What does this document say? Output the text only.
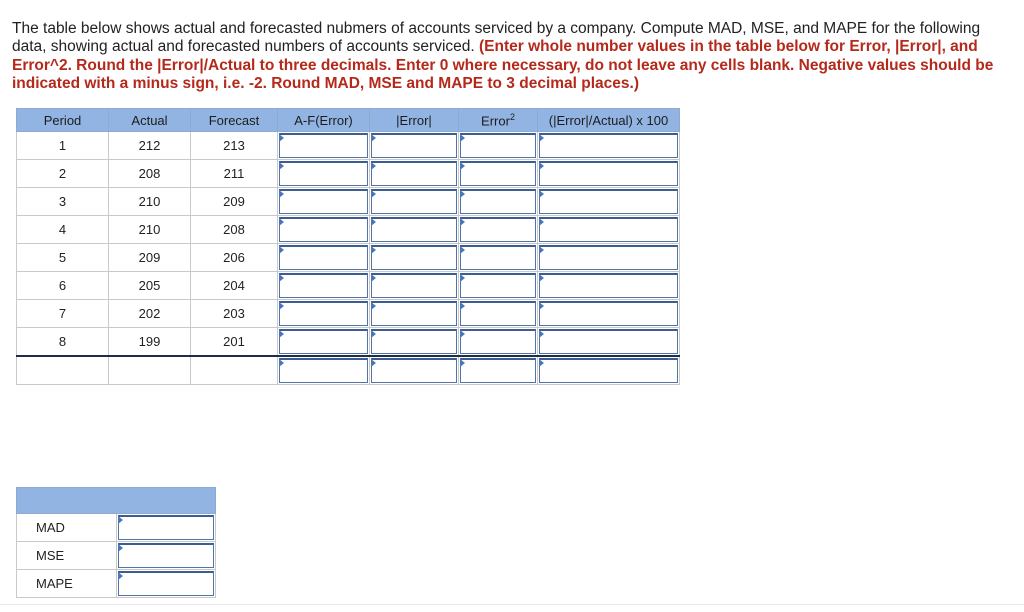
The table below shows actual and forecasted nubmers of accounts serviced by a company. Compute MAD, MSE, and MAPE for the following data, showing actual and forecasted numbers of accounts serviced. (Enter whole number values in the table below for Error, |Error|, and Error^2. Round the |Error|/Actual to three decimals. Enter 0 where necessary, do not leave any cells blank. Negative values should be indicated with a minus sign, i.e. -2. Round MAD, MSE and MAPE to 3 decimal places.)

Period	Actual	Forecast	A-F(Error)	|Error|	Error$^2$	(|Error|/Actual) x 100
1	212	213	

2	208	211	

3	210	209	

4	210	208	

5	209	206	

6	205	204	

7	202	203	

8	199	201	

MAD	

MSE	

MAPE	
